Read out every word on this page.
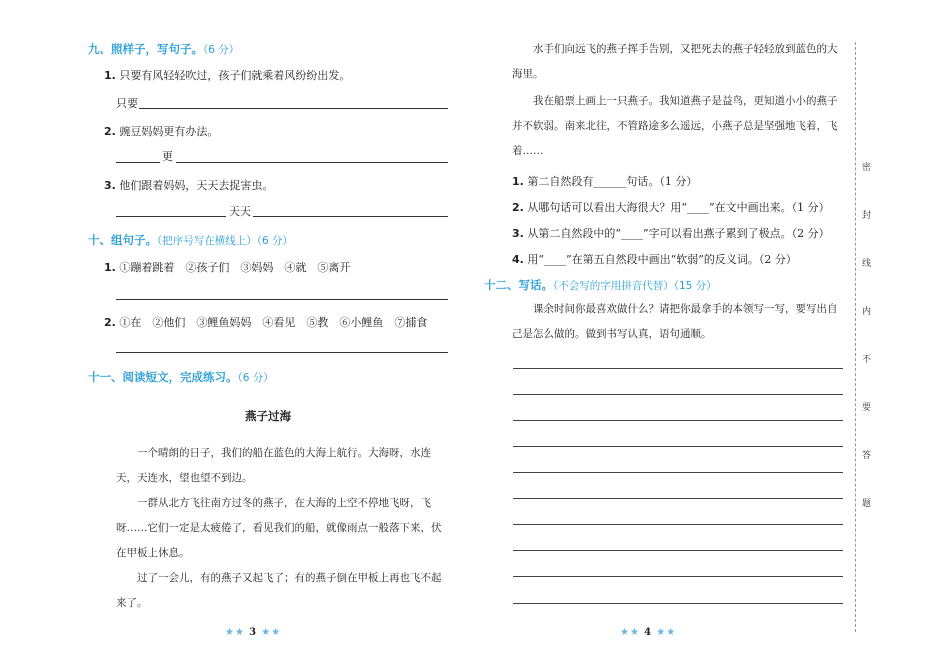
九、照样子，写句子。（6 分）
1. 只要有风轻轻吹过，孩子们就乘着风纷纷出发。
只要
2. 豌豆妈妈更有办法。
更
3. 他们跟着妈妈，天天去捉害虫。
天天
十、组句子。（把序号写在横线上）（6 分）
1. ①蹦着跳着　②孩子们　③妈妈　④就　⑤离开
2. ①在　②他们　③鲤鱼妈妈　④看见　⑤教　⑥小鲤鱼　⑦捕食
十一、阅读短文，完成练习。（6 分）
燕子过海

一个晴朗的日子，我们的船在蓝色的大海上航行。大海呀，水连天，天连水，望也望不到边。

一群从北方飞往南方过冬的燕子，在大海的上空不停地飞呀，飞呀……它们一定是太疲倦了，看见我们的船，就像雨点一般落下来，伏在甲板上休息。

过了一会儿，有的燕子又起飞了；有的燕子倒在甲板上再也飞不起来了。

★★ 3 ★★

水手们向远飞的燕子挥手告别，又把死去的燕子轻轻放到蓝色的大海里。

我在船票上画上一只燕子。我知道燕子是益鸟，更知道小小的燕子并不软弱。南来北往，不管路途多么遥远，小燕子总是坚强地飞着，飞着……

1. 第二自然段有______句话。（1 分）
2. 从哪句话可以看出大海很大？用“____”在文中画出来。（1 分）
3. 从第二自然段中的“____”字可以看出燕子累到了极点。（2 分）
4. 用“____”在第五自然段中画出“软弱”的反义词。（2 分）
十二、写话。（不会写的字用拼音代替）（15 分）

课余时间你最喜欢做什么？请把你最拿手的本领写一写，要写出自己是怎么做的。做到书写认真，语句通顺。

★★ 4 ★★
密
封
线
内
不
要
答
题
